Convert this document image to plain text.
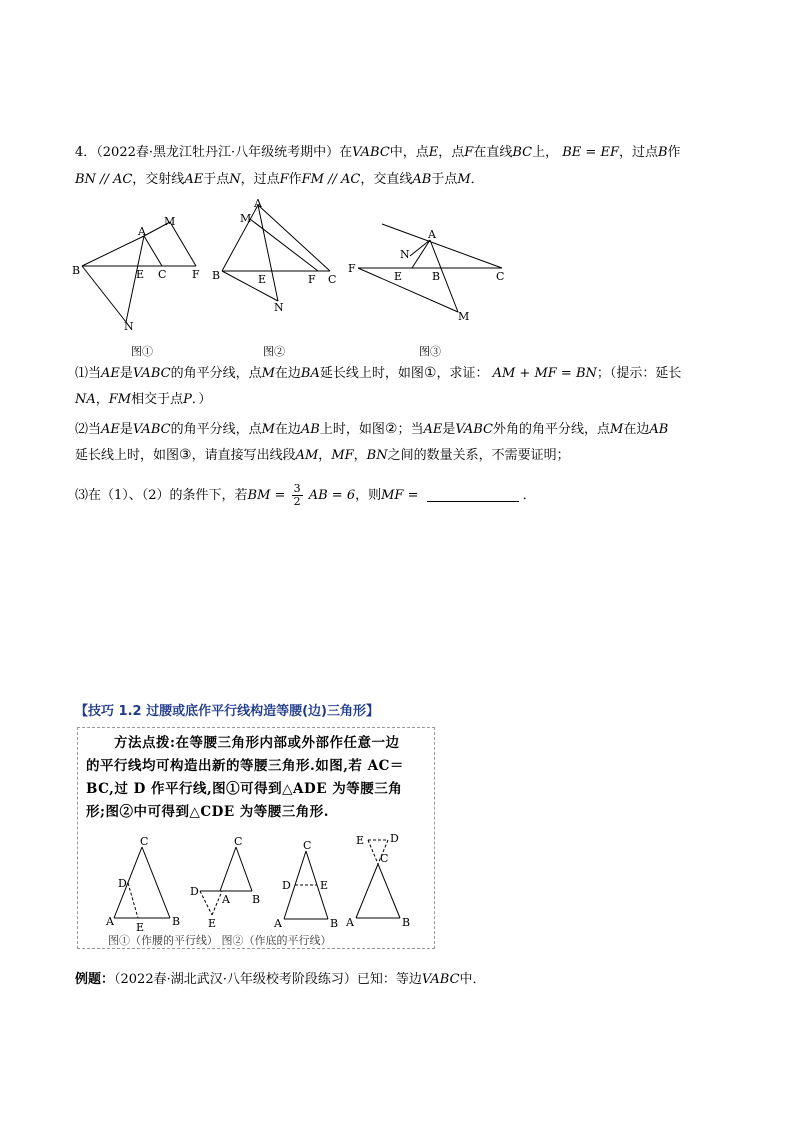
4．（2022春·黑龙江牡丹江·八年级统考期中）在VABC中，点E，点F在直线BC上， BE = EF，过点B作
BN // AC，交射线AE于点N，过点F作FM // AC，交直线AB于点M．
M
A
B	E C F
N
图①
A
M
B	E	F C
N
图②
A
N
F
E	B	C
M
图③
⑴当AE是VABC的角平分线，点M在边BA延长线上时，如图①，求证： AM + MF = BN；（提示：延长
NA，FM相交于点P．）
⑵当AE是VABC的角平分线，点M在边AB上时，如图②；当AE是VABC外角的角平分线，点M在边AB
延长线上时，如图③，请直接写出线段AM，MF，BN之间的数量关系，不需要证明；
⑶在（1）、（2）的条件下，若BM = $\frac{3}{2}$ AB = 6，则MF =	．
【技巧 1.2 过腰或底作平行线构造等腰(边)三角形】
方法点拨:在等腰三角形内部或外部作任意一边
的平行线均可构造出新的等腰三角形.如图,若 AC＝
BC,过 D 作平行线,图①可得到△ADE 为等腰三角
形;图②中可得到△CDE 为等腰三角形.
C
D
A E	B
C
D
A
E
B
C
D	E
A	B
E D
C
A	B
图①（作腰的平行线） 图②（作底的平行线）
例题：（2022春·湖北武汉·八年级校考阶段练习）已知：等边VABC中．
